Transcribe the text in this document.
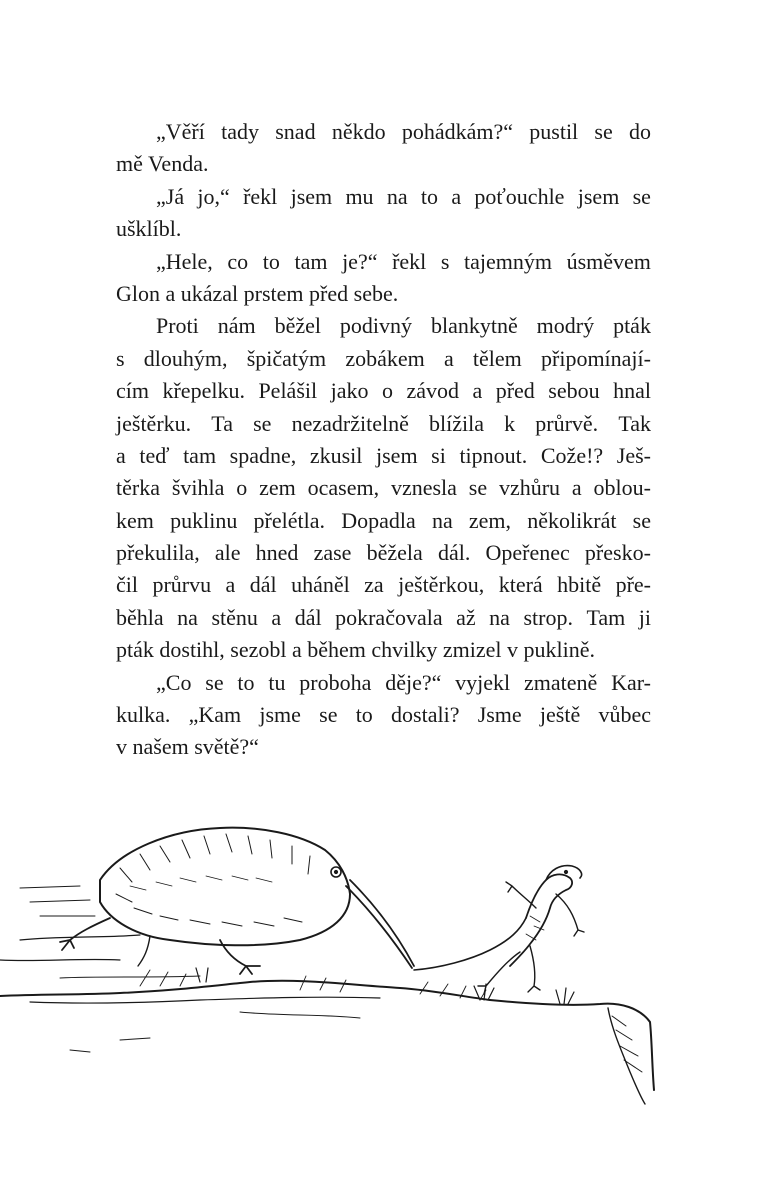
„Věří tady snad někdo pohádkám?“ pustil se do
mě Venda.
„Já jo,“ řekl jsem mu na to a poťouchle jsem se
ušklíbl.
„Hele, co to tam je?“ řekl s tajemným úsměvem
Glon a ukázal prstem před sebe.
Proti nám běžel podivný blankytně modrý pták
s dlouhým, špičatým zobákem a tělem připomínají-
cím křepelku. Pelášil jako o závod a před sebou hnal
ještěrku. Ta se nezadržitelně blížila k průrvě. Tak
a teď tam spadne, zkusil jsem si tipnout. Cože!? Ješ-
těrka švihla o zem ocasem, vznesla se vzhůru a oblou-
kem puklinu přelétla. Dopadla na zem, několikrát se
překulila, ale hned zase běžela dál. Opeřenec přesko-
čil průrvu a dál uháněl za ještěrkou, která hbitě pře-
běhla na stěnu a dál pokračovala až na strop. Tam ji
pták dostihl, sezobl a během chvilky zmizel v puklině.
„Co se to tu proboha děje?“ vyjekl zmateně Kar-
kulka. „Kam jsme se to dostali? Jsme ještě vůbec
v našem světě?“
